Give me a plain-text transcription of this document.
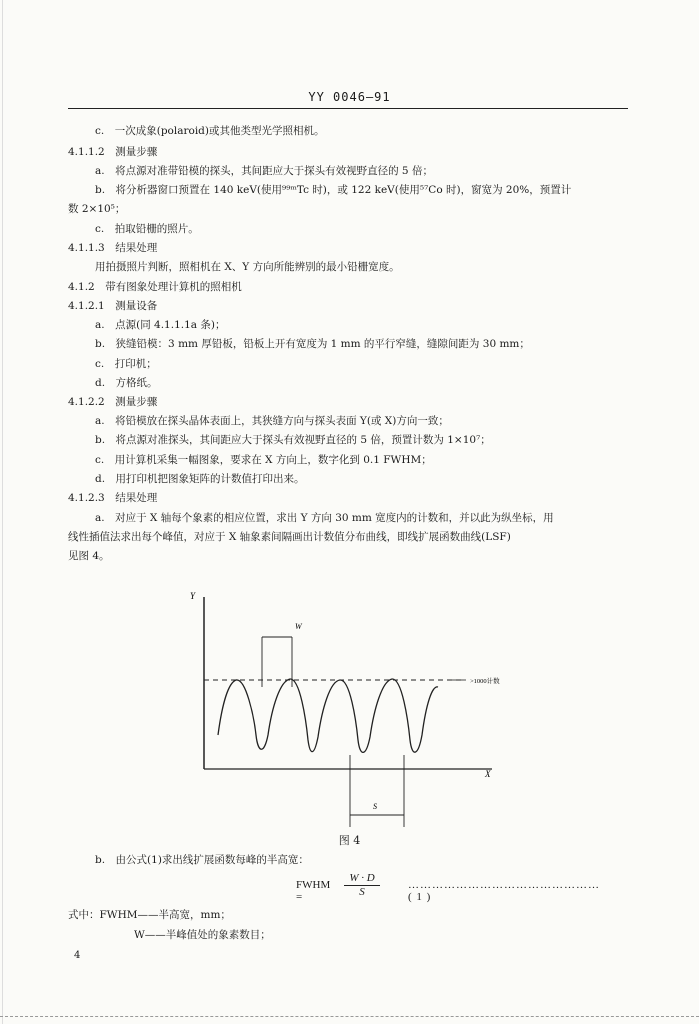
YY 0046—91
c.　一次成象(polaroid)或其他类型光学照相机。
4.1.1.2　测量步骤
a.　将点源对准带铅模的探头，其间距应大于探头有效视野直径的 5 倍；
b.　将分析器窗口预置在 140 keV(使用⁹⁹ᵐTc 时)，或 122 keV(使用⁵⁷Co 时)，窗宽为 20%，预置计
数 2×10⁵；
c.　拍取铅栅的照片。
4.1.1.3　结果处理
用拍摄照片判断，照相机在 X、Y 方向所能辨别的最小铅栅宽度。
4.1.2　带有图象处理计算机的照相机
4.1.2.1　测量设备
a.　点源(同 4.1.1.1a 条)；
b.　狭缝铅模：3 mm 厚铅板，铅板上开有宽度为 1 mm 的平行窄缝，缝隙间距为 30 mm；
c.　打印机；
d.　方格纸。
4.1.2.2　测量步骤
a.　将铅模放在探头晶体表面上，其狭缝方向与探头表面 Y(或 X)方向一致；
b.　将点源对准探头，其间距应大于探头有效视野直径的 5 倍，预置计数为 1×10⁷；
c.　用计算机采集一幅图象，要求在 X 方向上，数字化到 0.1 FWHM；
d.　用打印机把图象矩阵的计数值打印出来。
4.1.2.3　结果处理
a.　对应于 X 轴每个象素的相应位置，求出 Y 方向 30 mm 宽度内的计数和，并以此为纵坐标，用
线性插值法求出每个峰值，对应于 X 轴象素间隔画出计数值分布曲线，即线扩展函数曲线(LSF)
见图 4。
Y
X
>1000计数
W
S
图 4
b.　由公式(1)求出线扩展函数每峰的半高宽：
FWHM =	$\frac{W \cdot D}{S}$	…………………………………………( 1 )
式中：FWHM——半高宽，mm；
W——半峰值处的象素数目；
4
